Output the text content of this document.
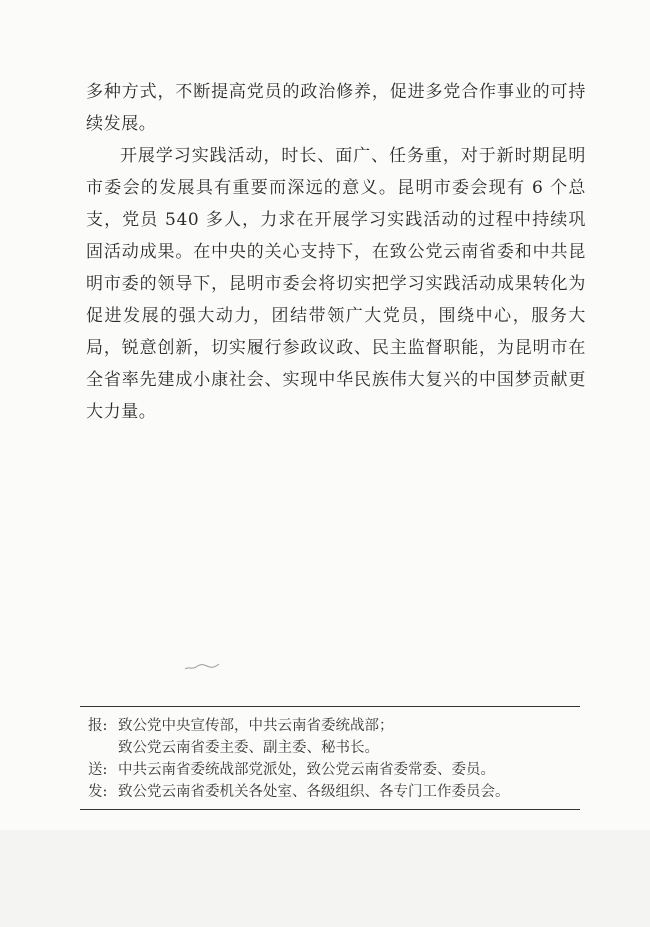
多种方式，不断提高党员的政治修养，促进多党合作事业的可持续发展。

开展学习实践活动，时长、面广、任务重，对于新时期昆明市委会的发展具有重要而深远的意义。昆明市委会现有 6 个总支，党员 540 多人，力求在开展学习实践活动的过程中持续巩固活动成果。在中央的关心支持下，在致公党云南省委和中共昆明市委的领导下，昆明市委会将切实把学习实践活动成果转化为促进发展的强大动力，团结带领广大党员，围绕中心，服务大局，锐意创新，切实履行参政议政、民主监督职能，为昆明市在全省率先建成小康社会、实现中华民族伟大复兴的中国梦贡献更大力量。

报: 致公党中央宣传部，中共云南省委统战部；
致公党云南省委主委、副主委、秘书长。
送: 中共云南省委统战部党派处，致公党云南省委常委、委员。
发: 致公党云南省委机关各处室、各级组织、各专门工作委员会。
